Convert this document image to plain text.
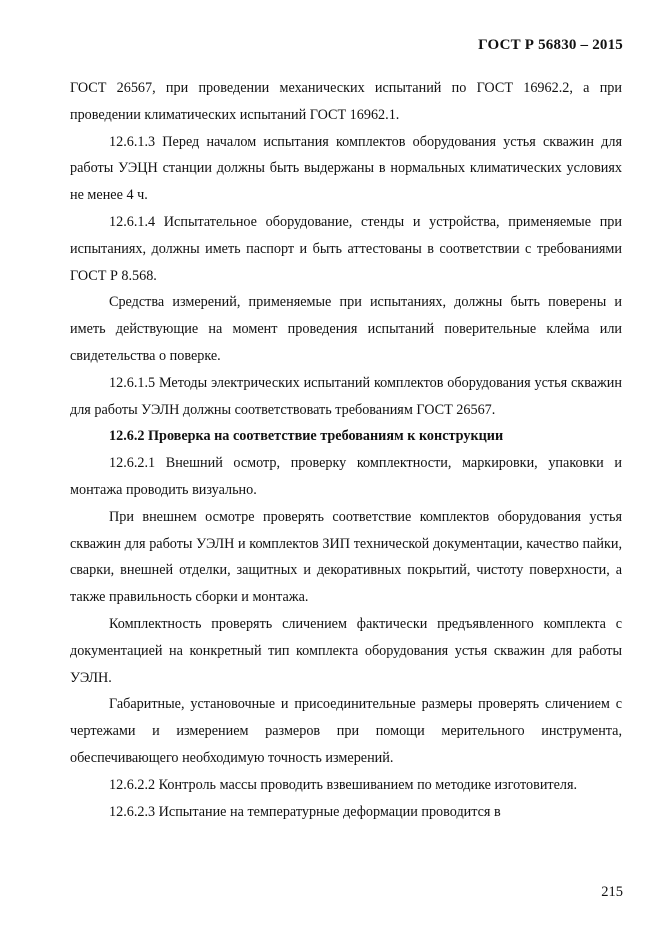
ГОСТ Р 56830 – 2015

ГОСТ 26567, при проведении механических испытаний по ГОСТ 16962.2, а при проведении климатических испытаний ГОСТ 16962.1.

12.6.1.3 Перед началом испытания комплектов оборудования устья скважин для работы УЭЦН станции должны быть выдержаны в нормальных климатических условиях не менее 4 ч.

12.6.1.4 Испытательное оборудование, стенды и устройства, применяемые при испытаниях, должны иметь паспорт и быть аттестованы в соответствии с требованиями ГОСТ Р 8.568.

Средства измерений, применяемые при испытаниях, должны быть поверены и иметь действующие на момент проведения испытаний поверительные клейма или свидетельства о поверке.

12.6.1.5 Методы электрических испытаний комплектов оборудования устья скважин для работы УЭЛН должны соответствовать требованиям ГОСТ 26567.

12.6.2 Проверка на соответствие требованиям к конструкции

12.6.2.1 Внешний осмотр, проверку комплектности, маркировки, упаковки и монтажа проводить визуально.

При внешнем осмотре проверять соответствие комплектов оборудования устья скважин для работы УЭЛН и комплектов ЗИП технической документации, качество пайки, сварки, внешней отделки, защитных и декоративных покрытий, чистоту поверхности, а также правильность сборки и монтажа.

Комплектность проверять сличением фактически предъявленного комплекта с документацией на конкретный тип комплекта оборудования устья скважин для работы УЭЛН.

Габаритные, установочные и присоединительные размеры проверять сличением с чертежами и измерением размеров при помощи мерительного инструмента, обеспечивающего необходимую точность измерений.

12.6.2.2 Контроль массы проводить взвешиванием по методике изготовителя.

12.6.2.3 Испытание на температурные деформации проводится в

215
